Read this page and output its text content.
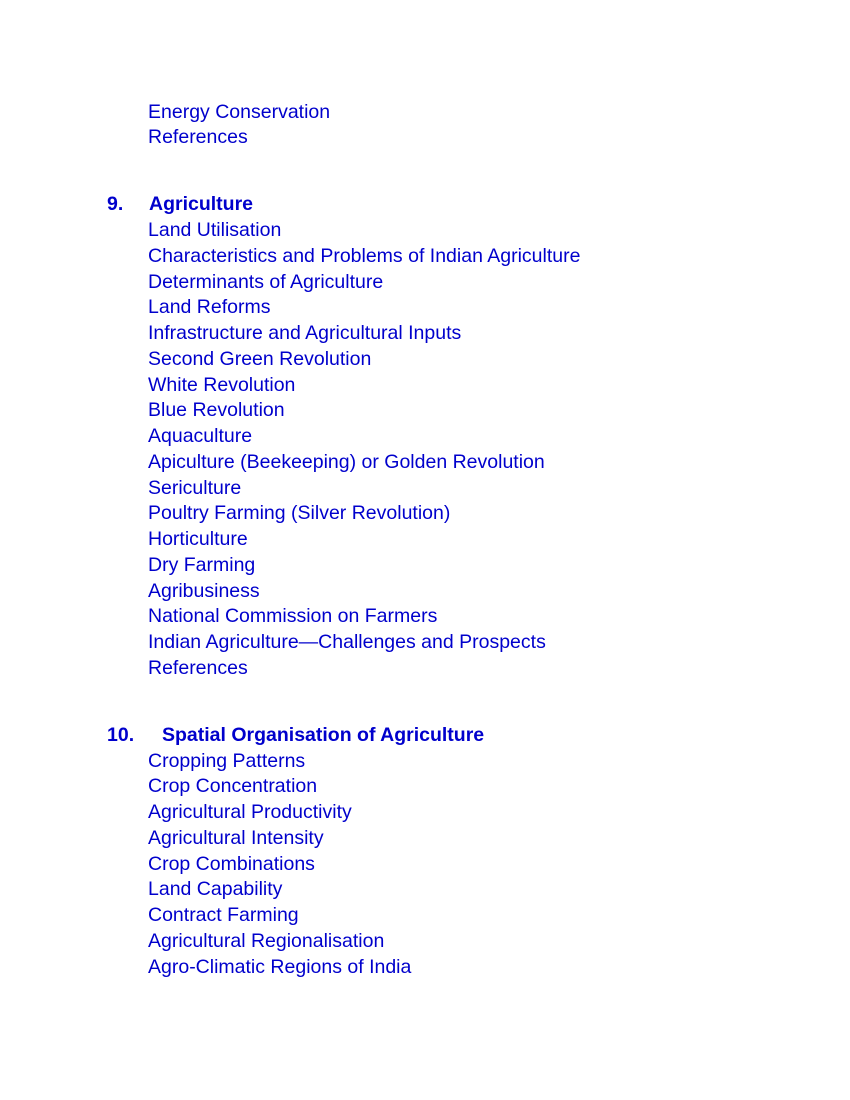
Energy Conservation
References
9. Agriculture
Land Utilisation
Characteristics and Problems of Indian Agriculture
Determinants of Agriculture
Land Reforms
Infrastructure and Agricultural Inputs
Second Green Revolution
White Revolution
Blue Revolution
Aquaculture
Apiculture (Beekeeping) or Golden Revolution
Sericulture
Poultry Farming (Silver Revolution)
Horticulture
Dry Farming
Agribusiness
National Commission on Farmers
Indian Agriculture—Challenges and Prospects
References
10. Spatial Organisation of Agriculture
Cropping Patterns
Crop Concentration
Agricultural Productivity
Agricultural Intensity
Crop Combinations
Land Capability
Contract Farming
Agricultural Regionalisation
Agro-Climatic Regions of India
